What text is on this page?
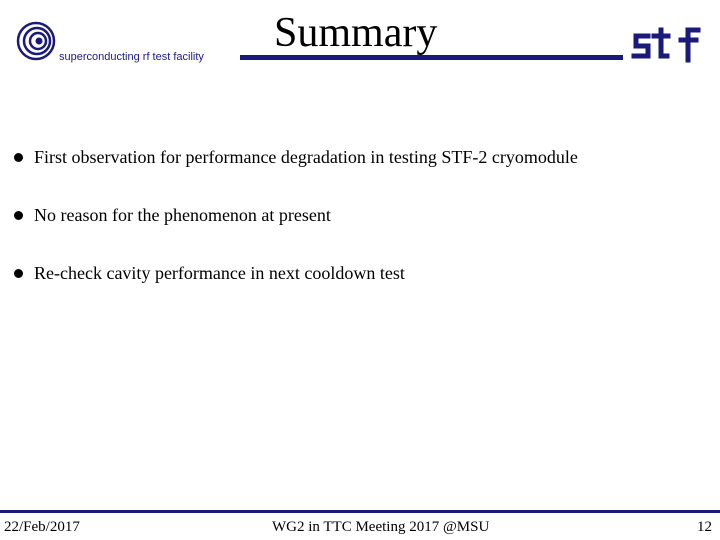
superconducting rf test facility
Summary
First observation for performance degradation in testing STF-2 cryomodule
No reason for the phenomenon at present
Re-check cavity performance in next cooldown test
22/Feb/2017	WG2 in TTC Meeting 2017 @MSU	12
